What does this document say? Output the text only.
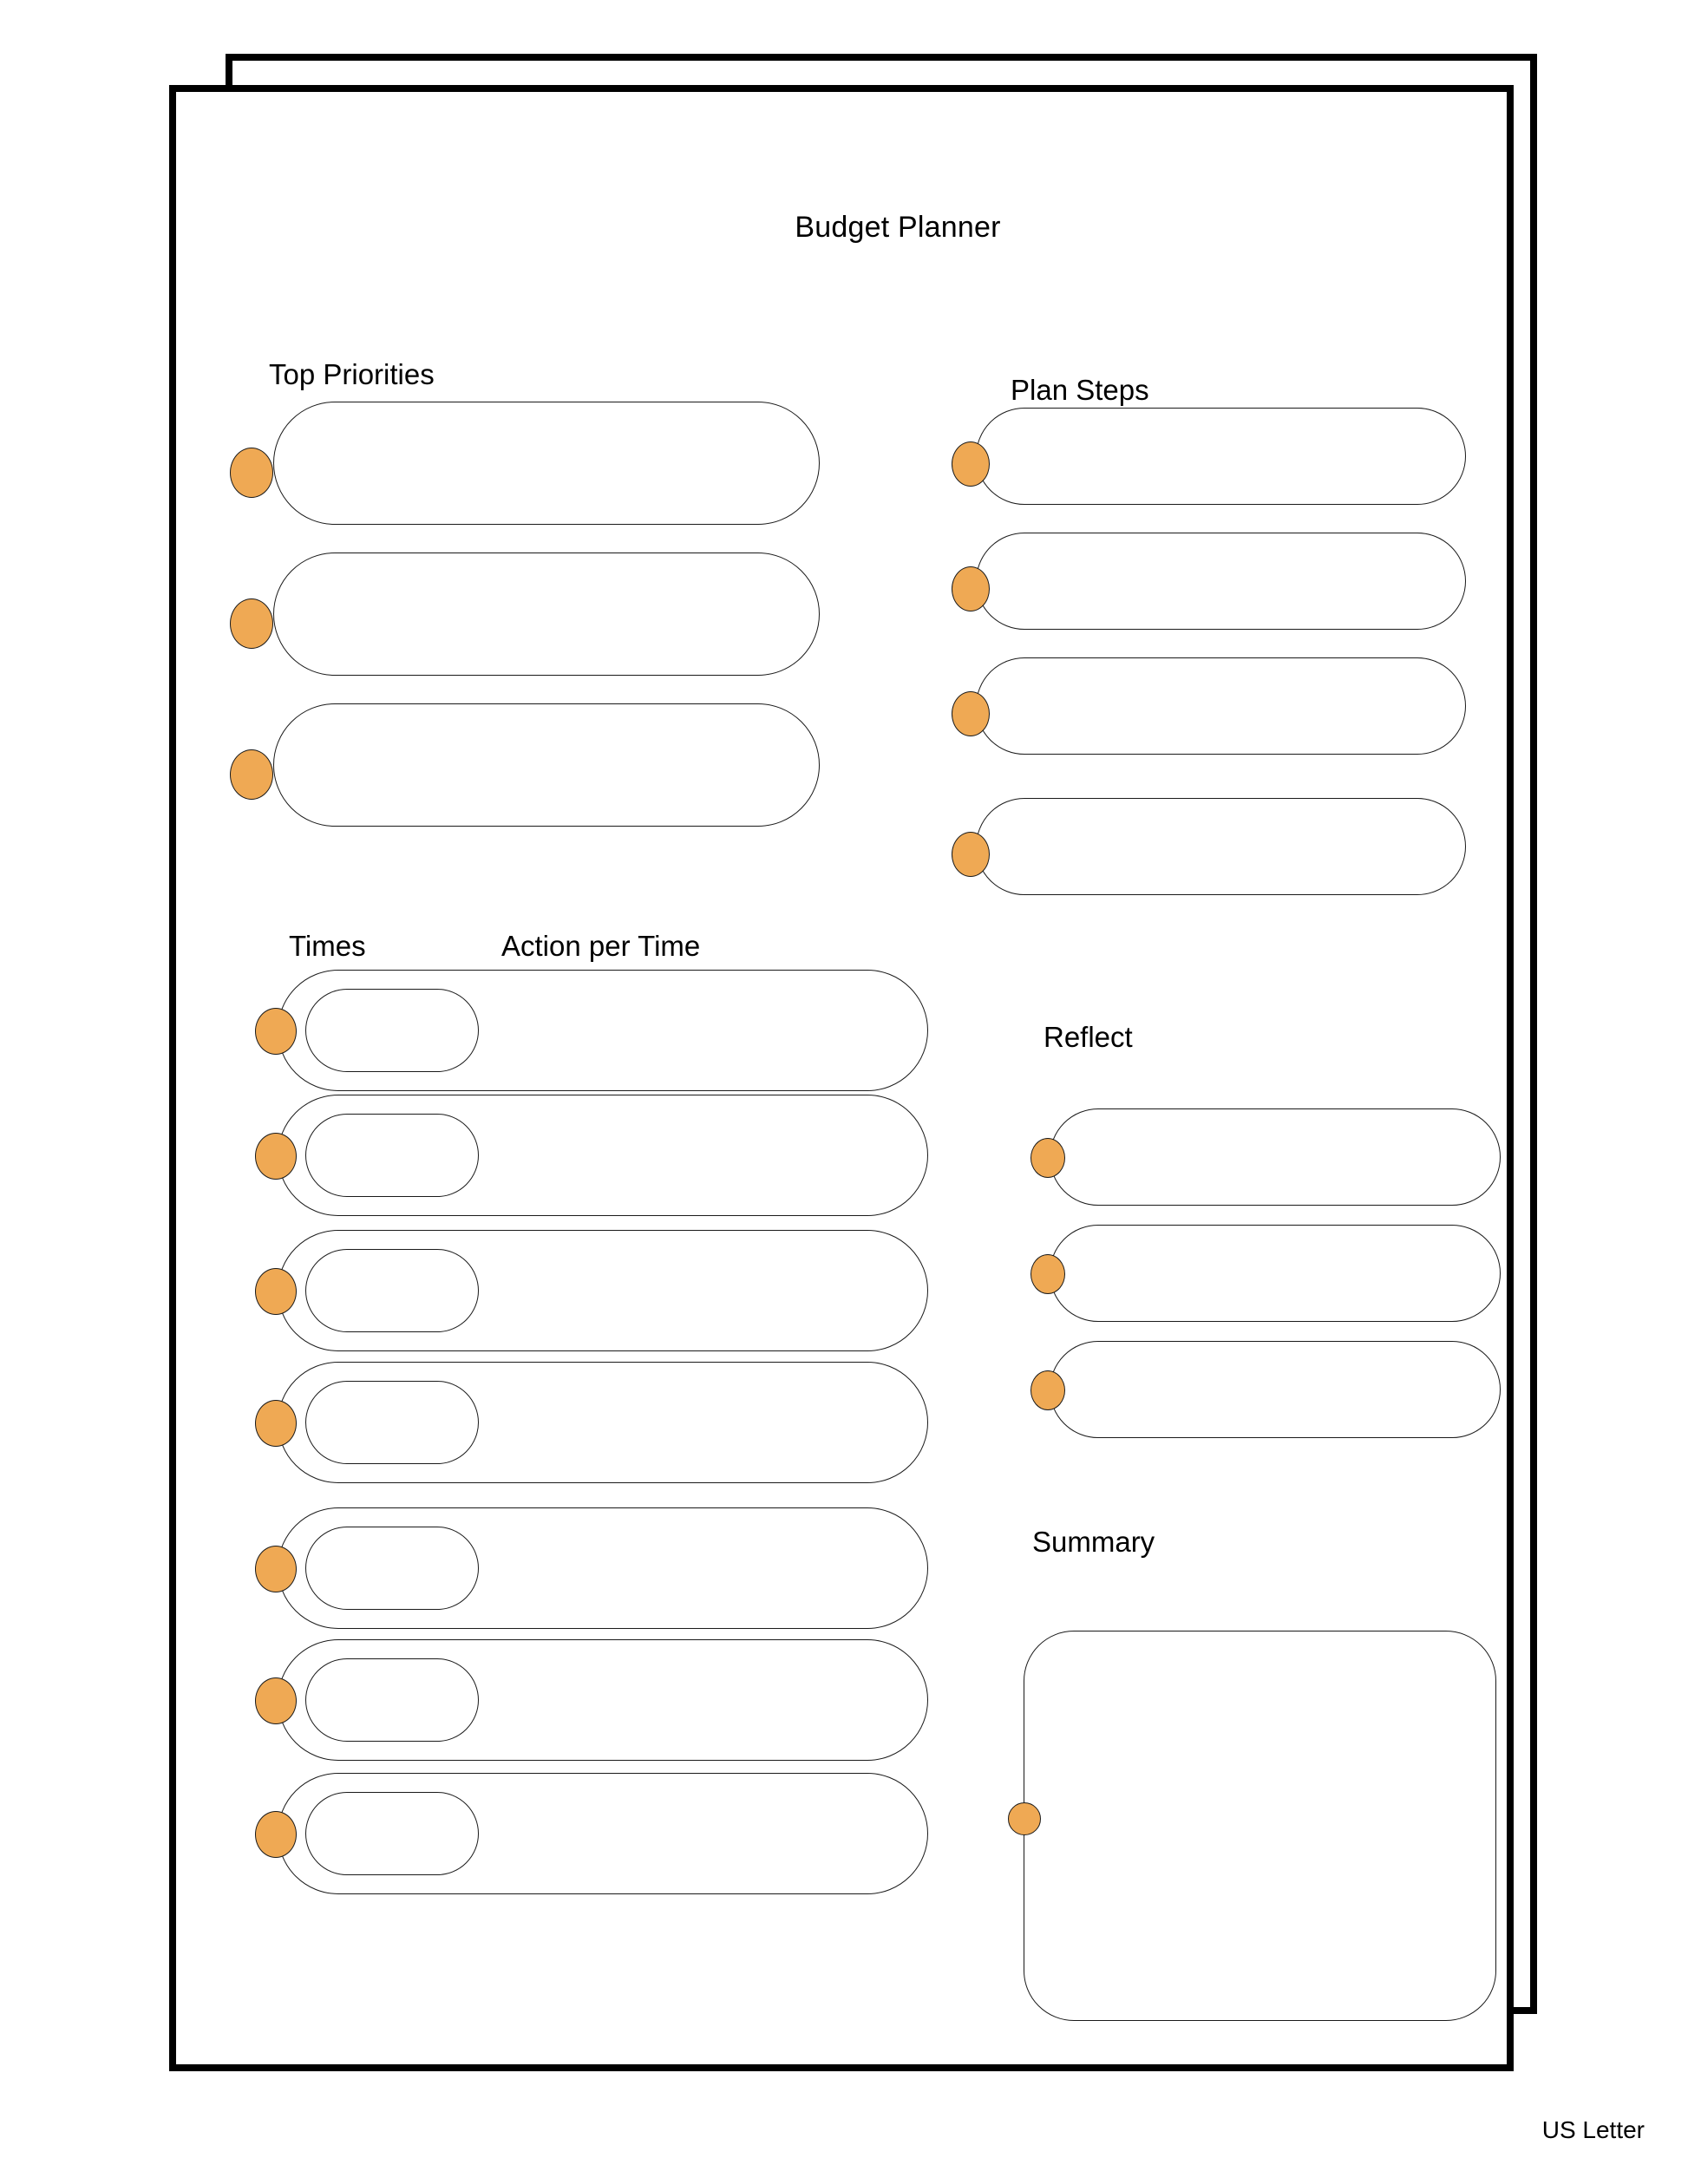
Budget Planner
Top Priorities	Plan Steps
Times	Action per Time
Reflect
Summary
US Letter
